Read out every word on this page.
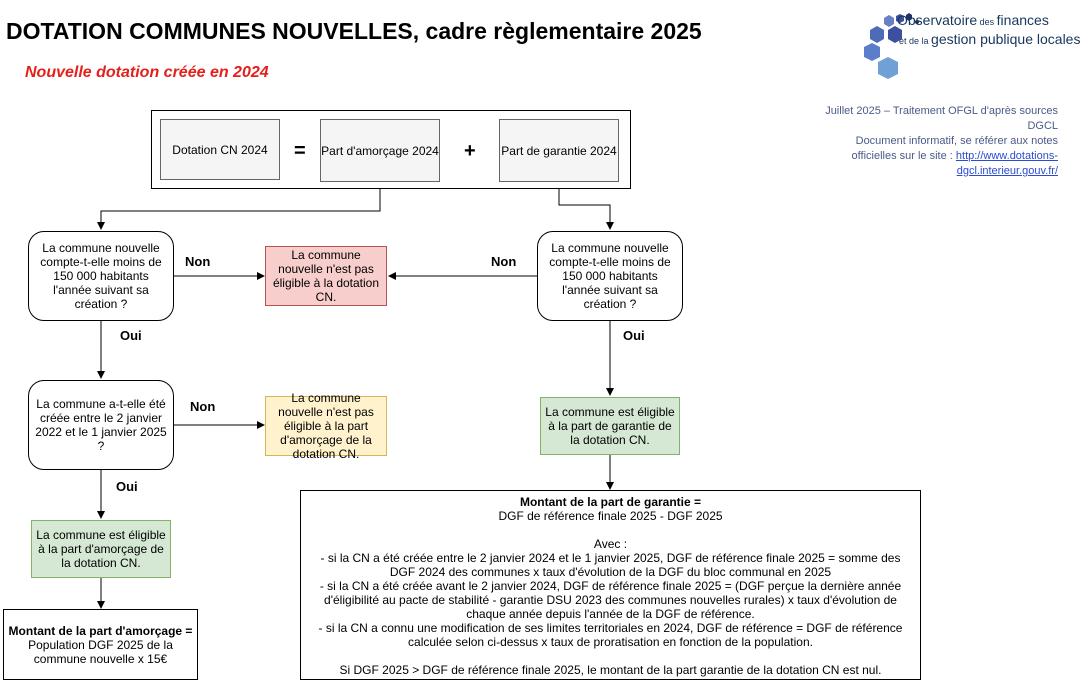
DOTATION COMMUNES NOUVELLES, cadre règlementaire 2025
Nouvelle dotation créée en 2024
Observatoire des finances
et de la gestion publique locales
Juillet 2025 – Traitement OFGL d'après sources DGCL
Document informatif, se référer aux notes officielles sur le site : http://www.dotations-dgcl.interieur.gouv.fr/
Dotation CN 2024	= Part d'amorçage 2024 + Part de garantie 2024
La commune nouvelle compte-t-elle moins de 150 000 habitants l'année suivant sa création ?
Non
Oui
La commune nouvelle n'est pas éligible à la dotation CN.
La commune a-t-elle été créée entre le 2 janvier 2022 et le 1 janvier 2025 ?
Non
Oui
La commune nouvelle n'est pas éligible à la part d'amorçage de la dotation CN.
La commune est éligible à la part d'amorçage de la dotation CN.
Montant de la part d'amorçage = Population DGF 2025 de la commune nouvelle x 15€
La commune nouvelle compte-t-elle moins de 150 000 habitants l'année suivant sa création ?
Non
Oui
La commune est éligible à la part de garantie de la dotation CN.

Montant de la part de garantie =

DGF de référence finale 2025 - DGF 2025

Avec :

- si la CN a été créée entre le 2 janvier 2024 et le 1 janvier 2025, DGF de référence finale 2025 = somme des DGF 2024 des communes x taux d'évolution de la DGF du bloc communal en 2025

- si la CN a été créée avant le 2 janvier 2024, DGF de référence finale 2025 = (DGF perçue la dernière année d'éligibilité au pacte de stabilité - garantie DSU 2023 des communes nouvelles rurales) x taux d'évolution de chaque année depuis l'année de la DGF de référence.

- si la CN a connu une modification de ses limites territoriales en 2024, DGF de référence = DGF de référence calculée selon ci-dessus x taux de proratisation en fonction de la population.

Si DGF 2025 > DGF de référence finale 2025, le montant de la part garantie de la dotation CN est nul.
